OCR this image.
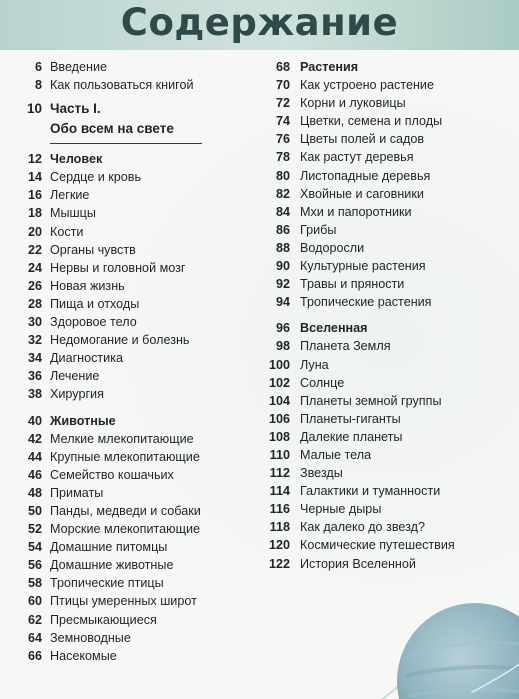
Содержание
6 Введение
8 Как пользоваться книгой
10 Часть I.
Обо всем на свете
12 Человек
14 Сердце и кровь
16 Легкие
18 Мышцы
20 Кости
22 Органы чувств
24 Нервы и головной мозг
26 Новая жизнь
28 Пища и отходы
30 Здоровое тело
32 Недомогание и болезнь
34 Диагностика
36 Лечение
38 Хирургия
40 Животные
42 Мелкие млекопитающие
44 Крупные млекопитающие
46 Семейство кошачьих
48 Приматы
50 Панды, медведи и собаки
52 Морские млекопитающие
54 Домашние питомцы
56 Домашние животные
58 Тропические птицы
60 Птицы умеренных широт
62 Пресмыкающиеся
64 Земноводные
66 Насекомые
68 Растения
70 Как устроено растение
72 Корни и луковицы
74 Цветки, семена и плоды
76 Цветы полей и садов
78 Как растут деревья
80 Листопадные деревья
82 Хвойные и саговники
84 Мхи и папоротники
86 Грибы
88 Водоросли
90 Культурные растения
92 Травы и пряности
94 Тропические растения
96 Вселенная
98 Планета Земля
100 Луна
102 Солнце
104 Планеты земной группы
106 Планеты-гиганты
108 Далекие планеты
110 Малые тела
112 Звезды
114 Галактики и туманности
116 Черные дыры
118 Как далеко до звезд?
120 Космические путешествия
122 История Вселенной
